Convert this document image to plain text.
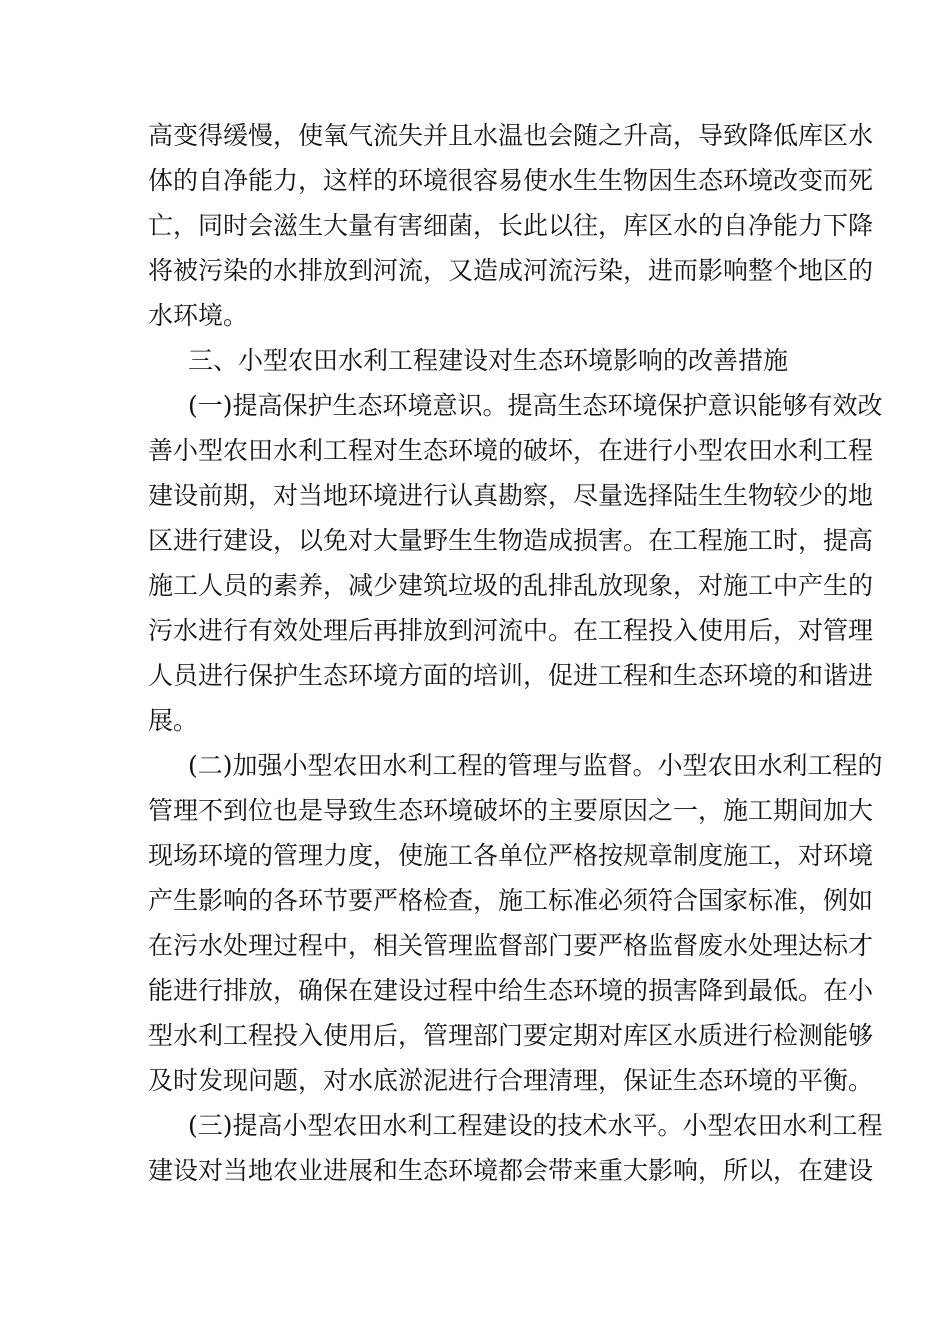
高变得缓慢，使氧气流失并且水温也会随之升高，导致降低库区水
体的自净能力，这样的环境很容易使水生生物因生态环境改变而死
亡，同时会滋生大量有害细菌，长此以往，库区水的自净能力下降
将被污染的水排放到河流，又造成河流污染，进而影响整个地区的
水环境。
三、小型农田水利工程建设对生态环境影响的改善措施
(一)提高保护生态环境意识。提高生态环境保护意识能够有效改
善小型农田水利工程对生态环境的破坏，在进行小型农田水利工程
建设前期，对当地环境进行认真勘察，尽量选择陆生生物较少的地
区进行建设，以免对大量野生生物造成损害。在工程施工时，提高
施工人员的素养，减少建筑垃圾的乱排乱放现象，对施工中产生的
污水进行有效处理后再排放到河流中。在工程投入使用后，对管理
人员进行保护生态环境方面的培训，促进工程和生态环境的和谐进
展。
(二)加强小型农田水利工程的管理与监督。小型农田水利工程的
管理不到位也是导致生态环境破坏的主要原因之一，施工期间加大
现场环境的管理力度，使施工各单位严格按规章制度施工，对环境
产生影响的各环节要严格检查，施工标准必须符合国家标准，例如
在污水处理过程中，相关管理监督部门要严格监督废水处理达标才
能进行排放，确保在建设过程中给生态环境的损害降到最低。在小
型水利工程投入使用后，管理部门要定期对库区水质进行检测能够
及时发现问题，对水底淤泥进行合理清理，保证生态环境的平衡。
(三)提高小型农田水利工程建设的技术水平。小型农田水利工程
建设对当地农业进展和生态环境都会带来重大影响，所以，在建设
